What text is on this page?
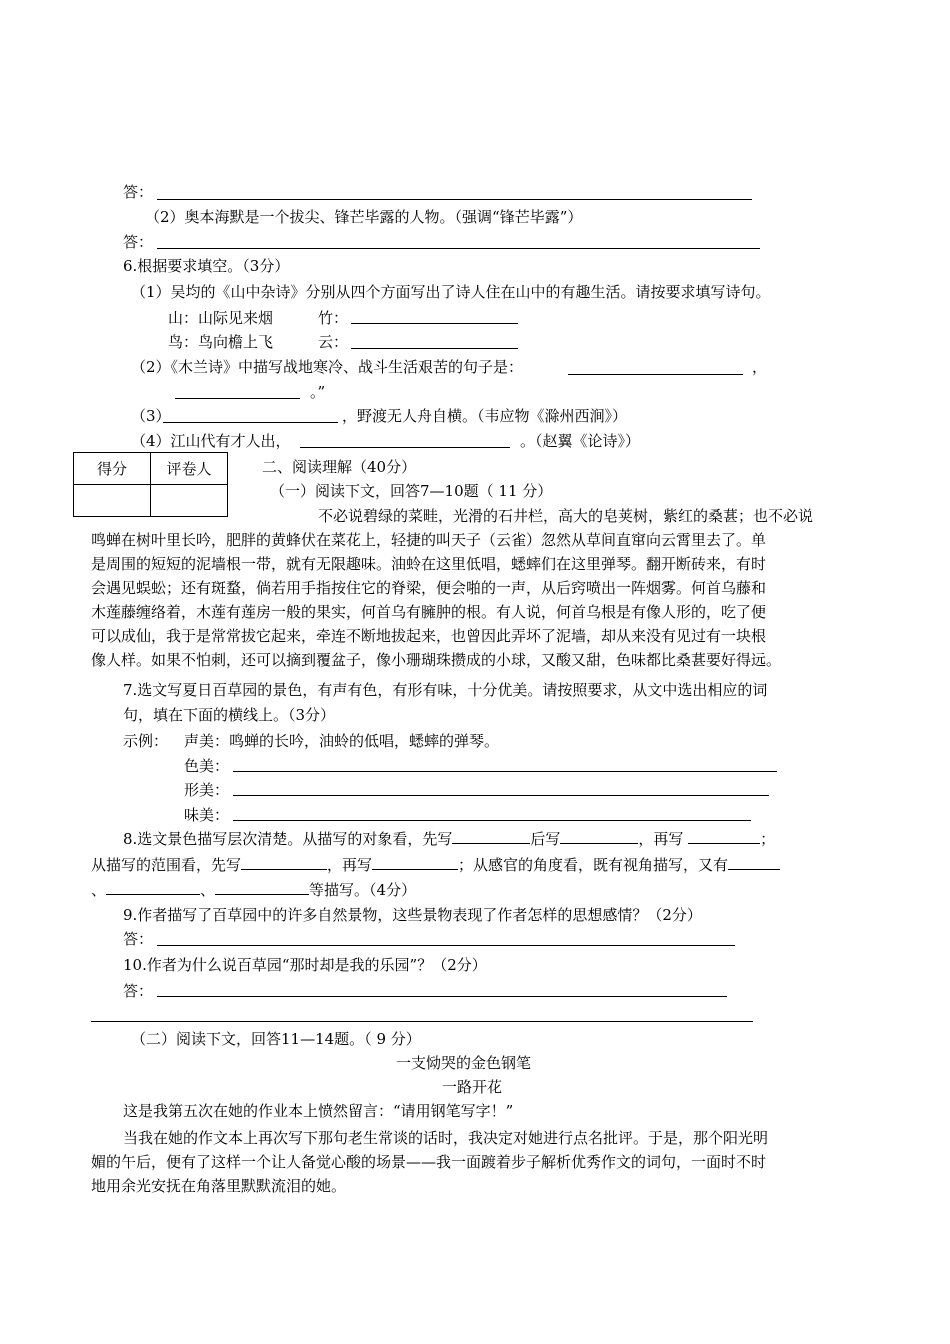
答：
（2）奥本海默是一个拔尖、锋芒毕露的人物。（强调“锋芒毕露”）
答：
6.根据要求填空。（3分）
（1）吴均的《山中杂诗》分别从四个方面写出了诗人住在山中的有趣生活。请按要求填写诗句。
山：山际见来烟	竹：
鸟：鸟向檐上飞	云：
（2）《木兰诗》中描写战地寒冷、战斗生活艰苦的句子是：	，
。”
（3）	，野渡无人舟自横。（韦应物《滁州西涧》）
（4）江山代有才人出，	。（赵翼《论诗》）
得分	评卷人
		二、阅读理解（40分）
（一）阅读下文，回答7—10题（ 11 分）
不必说碧绿的菜畦，光滑的石井栏，高大的皂荚树，紫红的桑葚；也不必说
鸣蝉在树叶里长吟，肥胖的黄蜂伏在菜花上，轻捷的叫天子（云雀）忽然从草间直窜向云霄里去了。单
是周围的短短的泥墙根一带，就有无限趣味。油蛉在这里低唱，蟋蟀们在这里弹琴。翻开断砖来，有时
会遇见蜈蚣；还有斑蝥，倘若用手指按住它的脊梁，便会啪的一声，从后窍喷出一阵烟雾。何首乌藤和
木莲藤缠络着，木莲有莲房一般的果实，何首乌有臃肿的根。有人说，何首乌根是有像人形的，吃了便
可以成仙，我于是常常拔它起来，牵连不断地拔起来，也曾因此弄坏了泥墙，却从来没有见过有一块根
像人样。如果不怕刺，还可以摘到覆盆子，像小珊瑚珠攒成的小球，又酸又甜，色味都比桑葚要好得远。
7.选文写夏日百草园的景色，有声有色，有形有味，十分优美。请按照要求，从文中选出相应的词
句，填在下面的横线上。（3分）
示例： 声美：鸣蝉的长吟，油蛉的低唱，蟋蟀的弹琴。
色美：
形美：
味美：
8.选文景色描写层次清楚。从描写的对象看，先写	后写	，再写	；
从描写的范围看，先写	，再写	；从感官的角度看，既有视角描写，又有
、	、	等描写。（4分）
9.作者描写了百草园中的许多自然景物，这些景物表现了作者怎样的思想感情？（2分）
答：
10.作者为什么说百草园“那时却是我的乐园”？（2分）
答：
（二）阅读下文，回答11—14题。（ 9 分）
一支恸哭的金色钢笔
一路开花
这是我第五次在她的作业本上愤然留言：“请用钢笔写字！”
当我在她的作文本上再次写下那句老生常谈的话时，我决定对她进行点名批评。于是，那个阳光明
媚的午后，便有了这样一个让人备觉心酸的场景——我一面踱着步子解析优秀作文的词句，一面时不时
地用余光安抚在角落里默默流泪的她。
